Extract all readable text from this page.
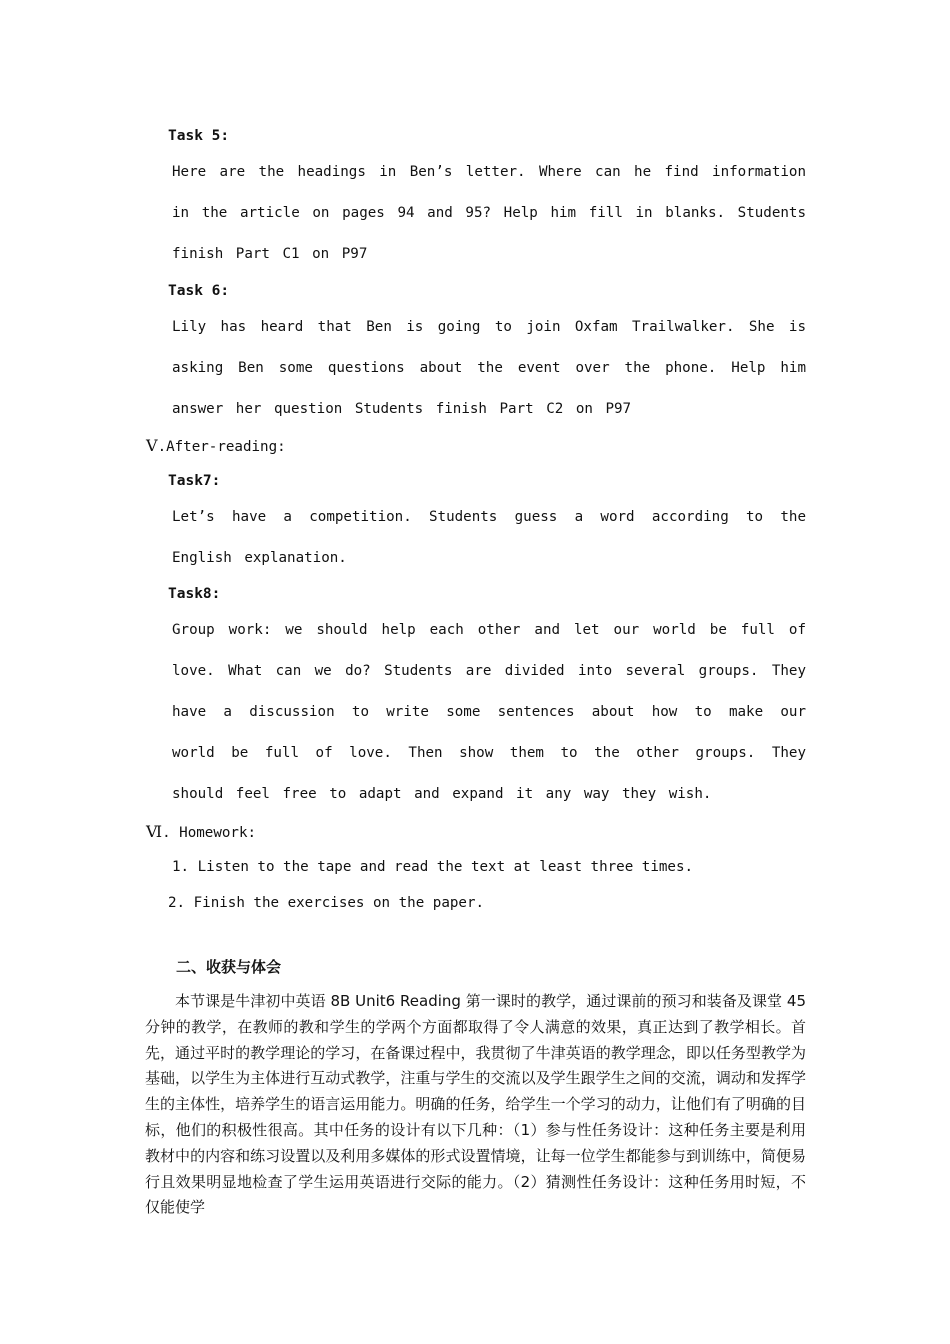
Task 5:
Here are the headings in Ben’s letter. Where can he find information in the article on pages 94 and 95? Help him fill in blanks. Students finish Part C1 on P97
Task 6:
Lily has heard that Ben is going to join Oxfam Trailwalker. She is asking Ben some questions about the event over the phone. Help him answer her question Students finish Part C2 on P97
Ⅴ.After-reading:
Task7:
Let’s have a competition. Students guess a word according to the English explanation.
Task8:
Group work: we should help each other and let our world be full of love. What can we do? Students are divided into several groups. They have a discussion to write some sentences about how to make our world be full of love. Then show them to the other groups. They should feel free to adapt and expand it any way they wish.
Ⅵ. Homework:
1. Listen to the tape and read the text at least three times.
2. Finish the exercises on the paper.
二、收获与体会
本节课是牛津初中英语 8B Unit6 Reading 第一课时的教学，通过课前的预习和装备及课堂 45 分钟的教学，在教师的教和学生的学两个方面都取得了令人满意的效果，真正达到了教学相长。首先，通过平时的教学理论的学习，在备课过程中，我贯彻了牛津英语的教学理念，即以任务型教学为基础，以学生为主体进行互动式教学，注重与学生的交流以及学生跟学生之间的交流，调动和发挥学生的主体性，培养学生的语言运用能力。明确的任务，给学生一个学习的动力，让他们有了明确的目标，他们的积极性很高。其中任务的设计有以下几种：（1）参与性任务设计：这种任务主要是利用教材中的内容和练习设置以及利用多媒体的形式设置情境，让每一位学生都能参与到训练中，简便易行且效果明显地检查了学生运用英语进行交际的能力。（2）猜测性任务设计：这种任务用时短，不仅能使学
